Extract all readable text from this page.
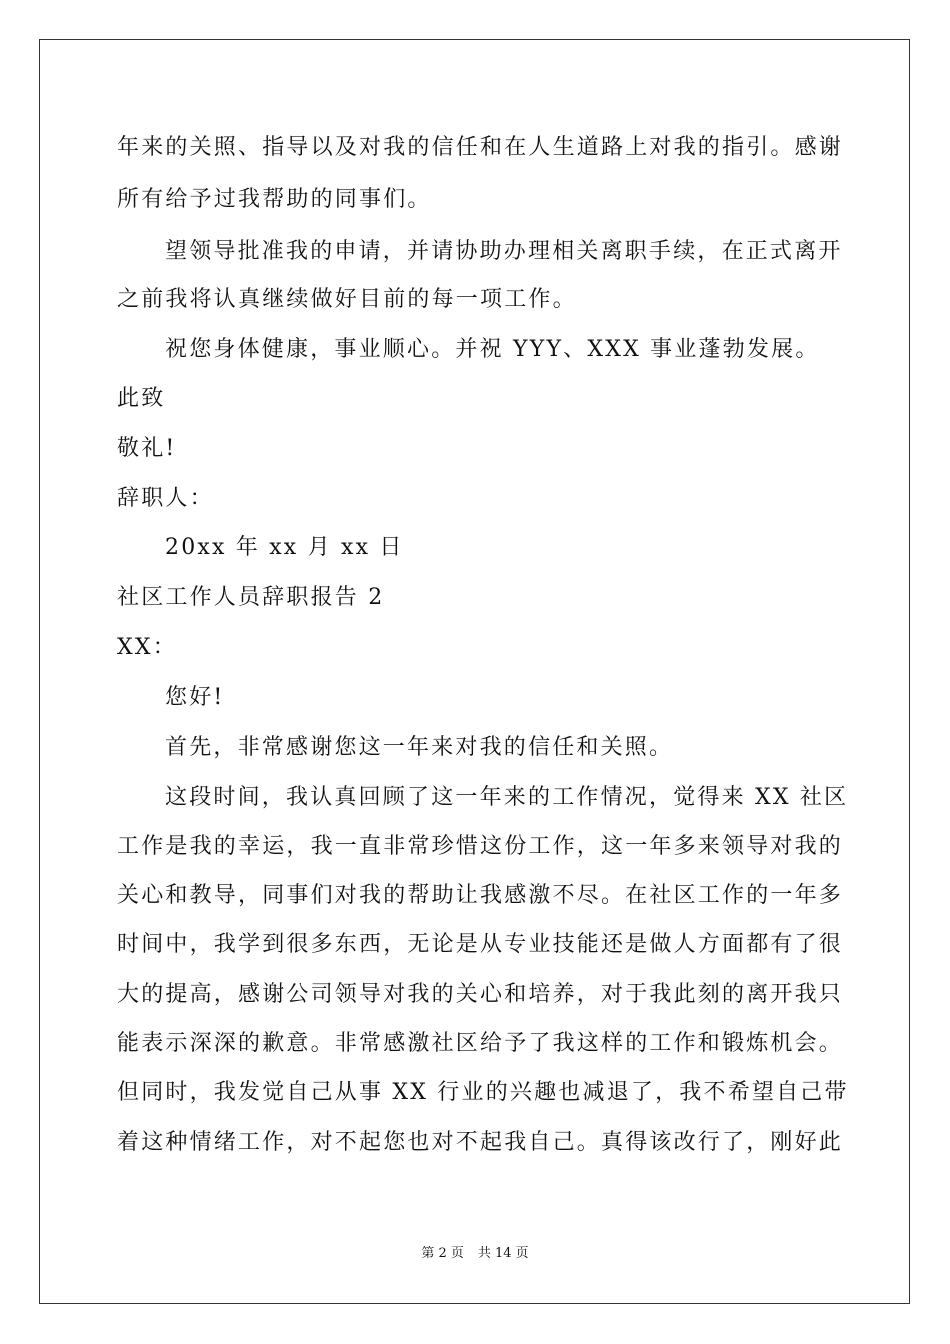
年来的关照、指导以及对我的信任和在人生道路上对我的指引。感谢
所有给予过我帮助的同事们。
望领导批准我的申请，并请协助办理相关离职手续，在正式离开
之前我将认真继续做好目前的每一项工作。
祝您身体健康，事业顺心。并祝 YYY、XXX 事业蓬勃发展。
此致
敬礼!
辞职人：
20xx 年 xx 月 xx 日
社区工作人员辞职报告 2
XX：
您好!
首先，非常感谢您这一年来对我的信任和关照。
这段时间，我认真回顾了这一年来的工作情况，觉得来 XX 社区
工作是我的幸运，我一直非常珍惜这份工作，这一年多来领导对我的
关心和教导，同事们对我的帮助让我感激不尽。在社区工作的一年多
时间中，我学到很多东西，无论是从专业技能还是做人方面都有了很
大的提高，感谢公司领导对我的关心和培养，对于我此刻的离开我只
能表示深深的歉意。非常感激社区给予了我这样的工作和锻炼机会。
但同时，我发觉自己从事 XX 行业的兴趣也减退了，我不希望自己带
着这种情绪工作，对不起您也对不起我自己。真得该改行了，刚好此
第 2 页 共 14 页
